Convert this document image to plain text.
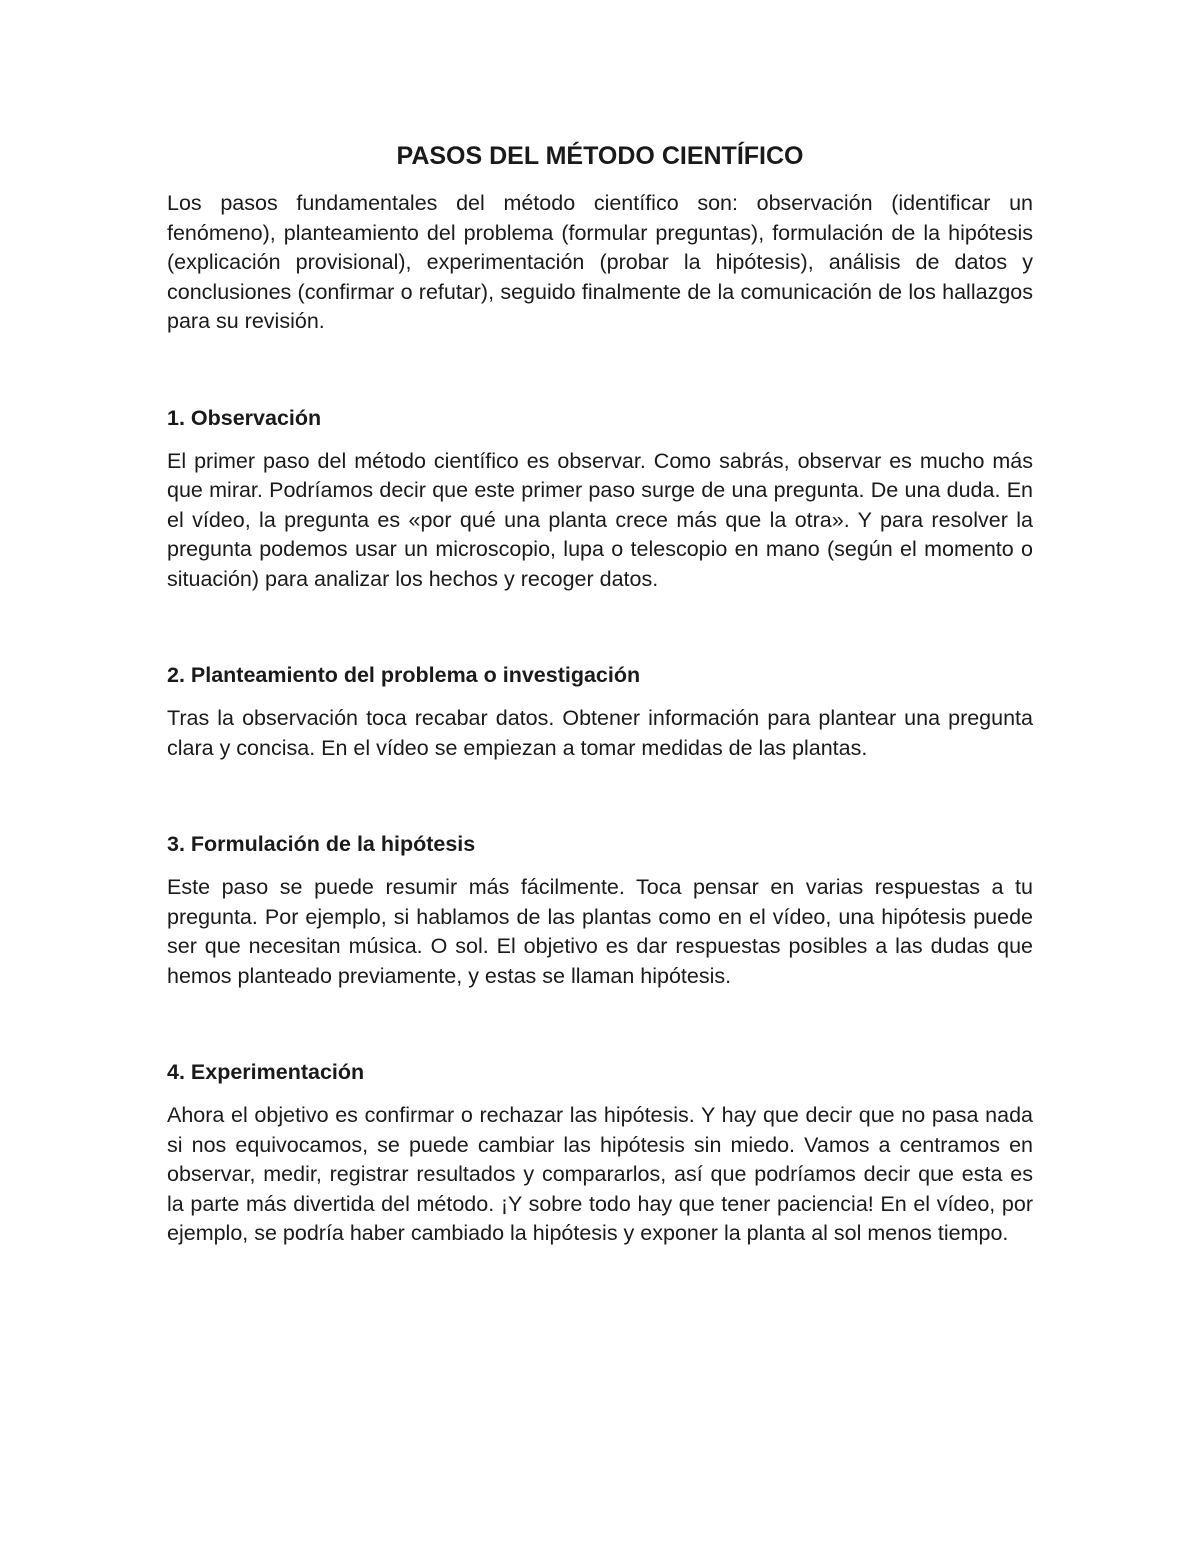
PASOS DEL MÉTODO CIENTÍFICO

Los pasos fundamentales del método científico son: observación (identificar un fenómeno), planteamiento del problema (formular preguntas), formulación de la hipótesis (explicación provisional), experimentación (probar la hipótesis), análisis de datos y conclusiones (confirmar o refutar), seguido finalmente de la comunicación de los hallazgos para su revisión.

1. Observación

El primer paso del método científico es observar. Como sabrás, observar es mucho más que mirar. Podríamos decir que este primer paso surge de una pregunta. De una duda. En el vídeo, la pregunta es «por qué una planta crece más que la otra». Y para resolver la pregunta podemos usar un microscopio, lupa o telescopio en mano (según el momento o situación) para analizar los hechos y recoger datos.

2. Planteamiento del problema o investigación

Tras la observación toca recabar datos. Obtener información para plantear una pregunta clara y concisa. En el vídeo se empiezan a tomar medidas de las plantas.

3. Formulación de la hipótesis

Este paso se puede resumir más fácilmente. Toca pensar en varias respuestas a tu pregunta. Por ejemplo, si hablamos de las plantas como en el vídeo, una hipótesis puede ser que necesitan música. O sol. El objetivo es dar respuestas posibles a las dudas que hemos planteado previamente, y estas se llaman hipótesis.

4. Experimentación

Ahora el objetivo es confirmar o rechazar las hipótesis. Y hay que decir que no pasa nada si nos equivocamos, se puede cambiar las hipótesis sin miedo. Vamos a centramos en observar, medir, registrar resultados y compararlos, así que podríamos decir que esta es la parte más divertida del método. ¡Y sobre todo hay que tener paciencia! En el vídeo, por ejemplo, se podría haber cambiado la hipótesis y exponer la planta al sol menos tiempo.
